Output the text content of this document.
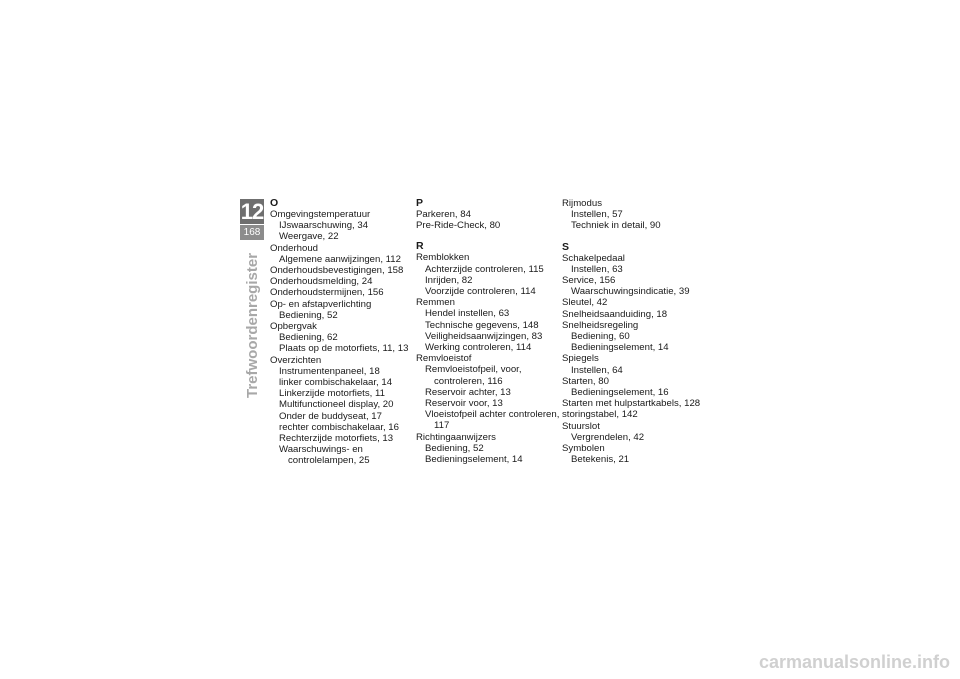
12
168
Trefwoordenregister
O
Omgevingstemperatuur
IJswaarschuwing, 34
Weergave, 22
Onderhoud
Algemene aanwijzingen, 112
Onderhoudsbevestigingen, 158
Onderhoudsmelding, 24
Onderhoudstermijnen, 156
Op- en afstapverlichting
Bediening, 52
Opbergvak
Bediening, 62
Plaats op de motorfiets, 11, 13
Overzichten
Instrumentenpaneel, 18
linker combischakelaar, 14
Linkerzijde motorfiets, 11
Multifunctioneel display, 20
Onder de buddyseat, 17
rechter combischakelaar, 16
Rechterzijde motorfiets, 13
Waarschuwings- en controlelampen, 25
P
Parkeren, 84
Pre-Ride-Check, 80
R
Remblokken
Achterzijde controleren, 115
Inrijden, 82
Voorzijde controleren, 114
Remmen
Hendel instellen, 63
Technische gegevens, 148
Veiligheidsaanwijzingen, 83
Werking controleren, 114
Remvloeistof
Remvloeistofpeil, voor, controleren, 116
Reservoir achter, 13
Reservoir voor, 13
Vloeistofpeil achter controleren, 117
Richtingaanwijzers
Bediening, 52
Bedieningselement, 14
Rijmodus
Instellen, 57
Techniek in detail, 90
S
Schakelpedaal
Instellen, 63
Service, 156
Waarschuwingsindicatie, 39
Sleutel, 42
Snelheidsaanduiding, 18
Snelheidsregeling
Bediening, 60
Bedieningselement, 14
Spiegels
Instellen, 64
Starten, 80
Bedieningselement, 16
Starten met hulpstartkabels, 128
storingstabel, 142
Stuurslot
Vergrendelen, 42
Symbolen
Betekenis, 21
carmanualsonline.info
